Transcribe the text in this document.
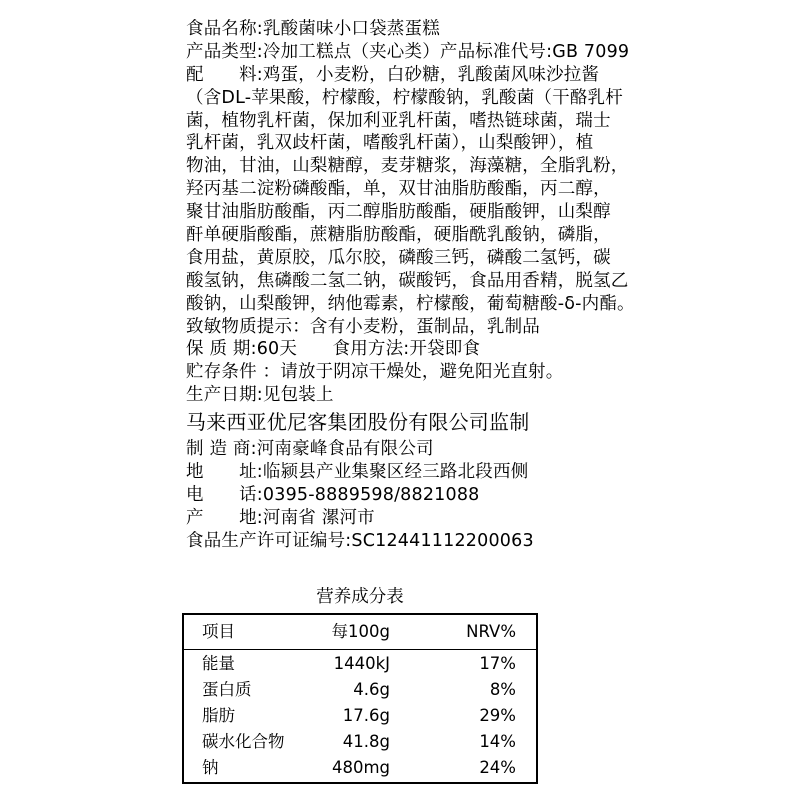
食品名称:乳酸菌味小口袋蒸蛋糕
产品类型:冷加工糕点（夹心类）产品标准代号:GB 7099
配　　料:鸡蛋，小麦粉，白砂糖，乳酸菌风味沙拉酱
（含DL-苹果酸，柠檬酸，柠檬酸钠，乳酸菌（干酪乳杆
菌，植物乳杆菌，保加利亚乳杆菌，嗜热链球菌，瑞士
乳杆菌，乳双歧杆菌，嗜酸乳杆菌），山梨酸钾），植
物油，甘油，山梨糖醇，麦芽糖浆，海藻糖，全脂乳粉，
羟丙基二淀粉磷酸酯，单，双甘油脂肪酸酯，丙二醇，
聚甘油脂肪酸酯，丙二醇脂肪酸酯，硬脂酸钾，山梨醇
酐单硬脂酸酯，蔗糖脂肪酸酯，硬脂酰乳酸钠，磷脂，
食用盐，黄原胶，瓜尔胶，磷酸三钙，磷酸二氢钙，碳
酸氢钠，焦磷酸二氢二钠，碳酸钙，食品用香精，脱氢乙
酸钠，山梨酸钾，纳他霉素，柠檬酸，葡萄糖酸-δ-内酯。
致敏物质提示：含有小麦粉，蛋制品，乳制品
保 质 期:60天　　食用方法:开袋即食
贮存条件 ：请放于阴凉干燥处，避免阳光直射。
生产日期:见包装上
马来西亚优尼客集团股份有限公司监制
制 造 商:河南豪峰食品有限公司
地　　址:临颍县产业集聚区经三路北段西侧
电　　话:0395-8889598/8821088
产　　地:河南省 漯河市
食品生产许可证编号:SC12441112200063
营养成分表
项目	每100g	NRV%
能量	1440kJ	17%
蛋白质	4.6g	8%
脂肪	17.6g	29%
碳水化合物	41.8g	14%
钠	480mg	24%
